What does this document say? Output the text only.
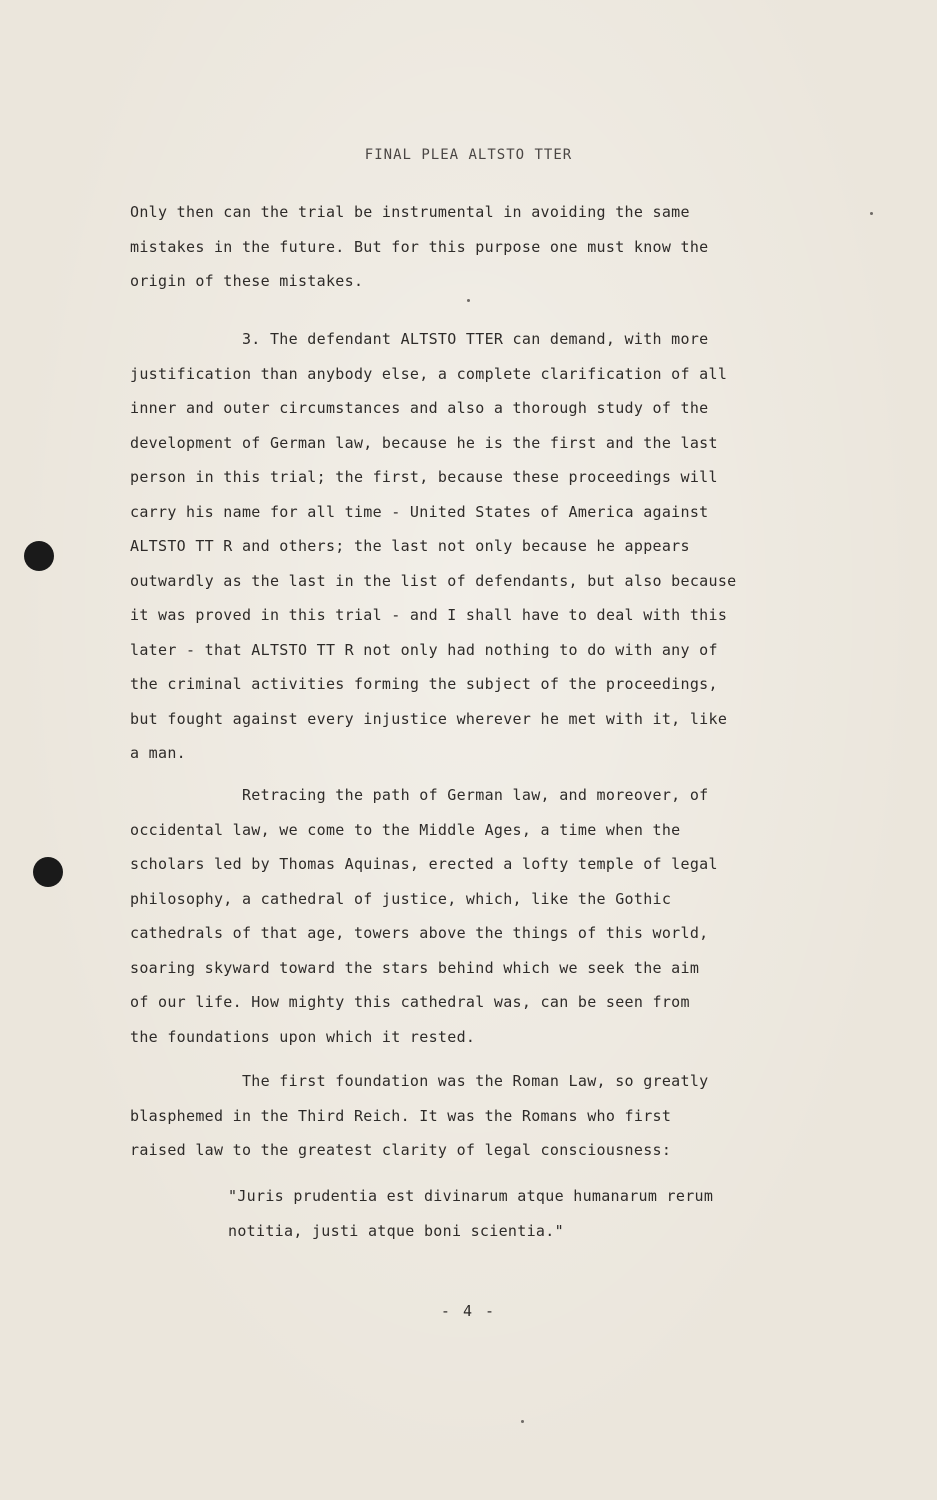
FINAL PLEA ALTSTO TTER
Only then can the trial be instrumental in avoiding the same
mistakes in the future. But for this purpose one must know the
origin of these mistakes.
3. The defendant ALTSTO TTER can demand, with more
justification than anybody else, a complete clarification of all
inner and outer circumstances and also a thorough study of the
development of German law, because he is the first and the last
person in this trial; the first, because these proceedings will
carry his name for all time - United States of America against
ALTSTO TT R and others; the last not only because he appears
outwardly as the last in the list of defendants, but also because
it was proved in this trial - and I shall have to deal with this
later - that ALTSTO TT R not only had nothing to do with any of
the criminal activities forming the subject of the proceedings,
but fought against every injustice wherever he met with it, like
a man.
Retracing the path of German law, and moreover, of
occidental law, we come to the Middle Ages, a time when the
scholars led by Thomas Aquinas, erected a lofty temple of legal
philosophy, a cathedral of justice, which, like the Gothic
cathedrals of that age, towers above the things of this world,
soaring skyward toward the stars behind which we seek the aim
of our life. How mighty this cathedral was, can be seen from
the foundations upon which it rested.
The first foundation was the Roman Law, so greatly
blasphemed in the Third Reich. It was the Romans who first
raised law to the greatest clarity of legal consciousness:
"Juris prudentia est divinarum atque humanarum rerum
notitia, justi atque boni scientia."
- 4 -
